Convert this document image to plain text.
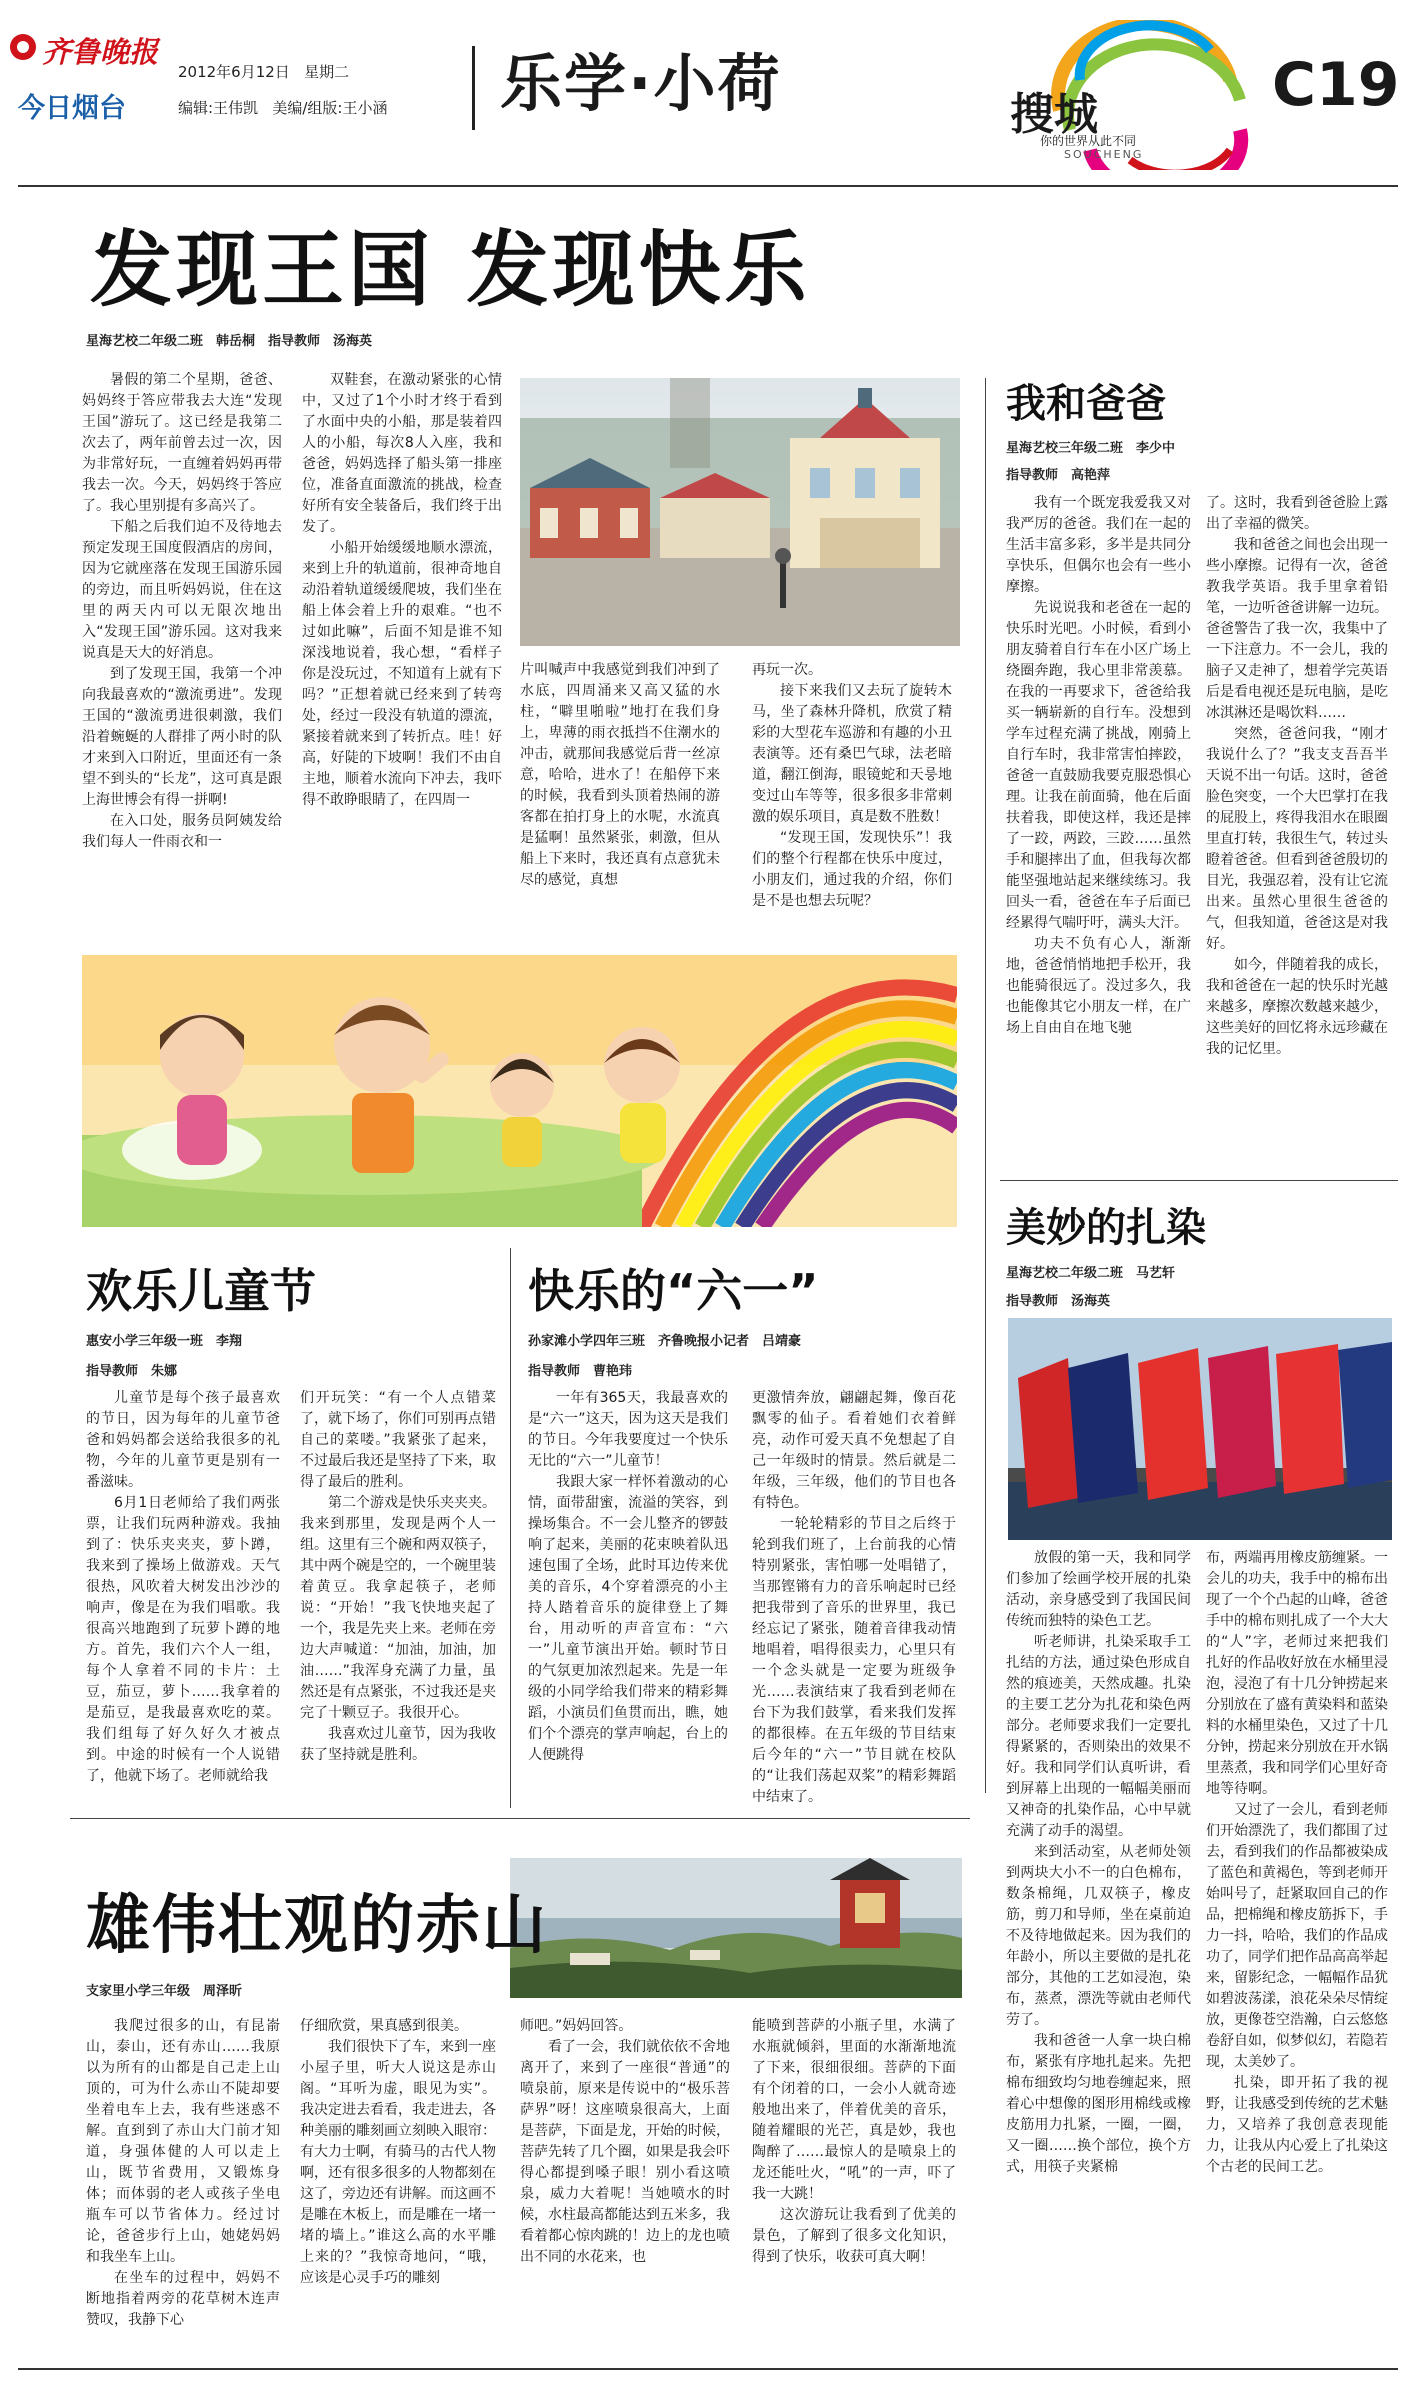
齐鲁晚报
今日烟台
2012年6月12日 星期二
编辑:王伟凯 美编/组版:王小涵 乐学·小荷	搜城
你的世界从此不同
SOUCHENG
C19
发现王国 发现快乐
星海艺校二年级二班　韩岳桐　指导教师　汤海英

暑假的第二个星期，爸爸、妈妈终于答应带我去大连“发现王国”游玩了。这已经是我第二次去了，两年前曾去过一次，因为非常好玩，一直缠着妈妈再带我去一次。今天，妈妈终于答应了。我心里别提有多高兴了。

下船之后我们迫不及待地去预定发现王国度假酒店的房间，因为它就座落在发现王国游乐园的旁边，而且听妈妈说，住在这里的两天内可以无限次地出入“发现王国”游乐园。这对我来说真是天大的好消息。

到了发现王国，我第一个冲向我最喜欢的“激流勇进”。发现王国的“激流勇进很刺激，我们沿着蜿蜒的人群排了两小时的队才来到入口附近，里面还有一条望不到头的“长龙”，这可真是跟上海世博会有得一拼啊!

在入口处，服务员阿姨发给我们每人一件雨衣和一

双鞋套，在激动紧张的心情中，又过了1个小时才终于看到了水面中央的小船，那是装着四人的小船，每次8人入座，我和爸爸，妈妈选择了船头第一排座位，准备直面激流的挑战，检查好所有安全装备后，我们终于出发了。

小船开始缓缓地顺水漂流，来到上升的轨道前，很神奇地自动沿着轨道缓缓爬坡，我们坐在船上体会着上升的艰难。“也不过如此嘛”，后面不知是谁不知深浅地说着，我心想，“看样子你是没玩过，不知道有上就有下吗？”正想着就已经来到了转弯处，经过一段没有轨道的漂流，紧接着就来到了转折点。哇！好高，好陡的下坡啊！我们不由自主地，顺着水流向下冲去，我吓得不敢睁眼睛了，在四周一

片叫喊声中我感觉到我们冲到了水底，四周涌来又高又猛的水柱，“噼里啪啦”地打在我们身上，卑薄的雨衣抵挡不住潮水的冲击，就那间我感觉后背一丝凉意，哈哈，进水了！在船停下来的时候，我看到头顶着热闹的游客都在拍打身上的水呢，水流真是猛啊！虽然紧张，刺激，但从船上下来时，我还真有点意犹未尽的感觉，真想

再玩一次。

接下来我们又去玩了旋转木马，坐了森林升降机，欣赏了精彩的大型花车巡游和有趣的小丑表演等。还有桑巴气球，法老暗道，翻江倒海，眼镜蛇和天룽地变过山车等等，很多很多非常刺激的娱乐项目，真是数不胜数！

“发现王国，发现快乐”！我们的整个行程都在快乐中度过，小朋友们，通过我的介绍，你们是不是也想去玩呢？

我和爸爸
星海艺校三年级二班　李少中
指导教师　高艳萍

我有一个既宠我爱我又对我严厉的爸爸。我们在一起的生活丰富多彩，多半是共同分享快乐，但偶尔也会有一些小摩擦。

先说说我和老爸在一起的快乐时光吧。小时候，看到小朋友骑着自行车在小区广场上绕圈奔跑，我心里非常羡慕。在我的一再要求下，爸爸给我买一辆崭新的自行车。没想到学车过程充满了挑战，刚骑上自行车时，我非常害怕摔跤，爸爸一直鼓励我要克服恐惧心理。让我在前面骑，他在后面扶着我，即使这样，我还是摔了一跤，两跤，三跤……虽然手和腿摔出了血，但我每次都能坚强地站起来继续练习。我回头一看，爸爸在车子后面已经累得气喘吁吁，满头大汗。

功夫不负有心人，渐渐地，爸爸悄悄地把手松开，我也能骑很远了。没过多久，我也能像其它小朋友一样，在广场上自由自在地飞驰

了。这时，我看到爸爸脸上露出了幸福的微笑。

我和爸爸之间也会出现一些小摩擦。记得有一次，爸爸教我学英语。我手里拿着铅笔，一边听爸爸讲解一边玩。爸爸警告了我一次，我集中了一下注意力。不一会儿，我的脑子又走神了，想着学完英语后是看电视还是玩电脑，是吃冰淇淋还是喝饮料……

突然，爸爸问我，“刚才我说什么了？”我支支吾吾半天说不出一句话。这时，爸爸脸色突变，一个大巴掌打在我的屁股上，疼得我泪水在眼圈里直打转，我很生气，转过头瞪着爸爸。但看到爸爸殷切的目光，我强忍着，没有让它流出来。虽然心里很生爸爸的气，但我知道，爸爸这是对我好。

如今，伴随着我的成长，我和爸爸在一起的快乐时光越来越多，摩擦次数越来越少，这些美好的回忆将永远珍藏在我的记忆里。

美妙的扎染
星海艺校二年级二班　马艺轩
指导教师　汤海英

放假的第一天，我和同学们参加了绘画学校开展的扎染活动，亲身感受到了我国民间传统而独特的染色工艺。

听老师讲，扎染采取手工扎结的方法，通过染色形成自然的痕迹美，天然成趣。扎染的主要工艺分为扎花和染色两部分。老师要求我们一定要扎得紧紧的，否则染出的效果不好。我和同学们认真听讲，看到屏幕上出现的一幅幅美丽而又神奇的扎染作品，心中早就充满了动手的渴望。

来到活动室，从老师处领到两块大小不一的白色棉布，数条棉绳，几双筷子，橡皮筋，剪刀和导师，坐在桌前迫不及待地做起来。因为我们的年龄小，所以主要做的是扎花部分，其他的工艺如浸泡，染布，蒸煮，漂洗等就由老师代劳了。

我和爸爸一人拿一块白棉布，紧张有序地扎起来。先把棉布细致均匀地卷缠起来，照着心中想像的图形用棉线或橡皮筋用力扎紧，一圈，一圈，又一圈……换个部位，换个方式，用筷子夹紧棉

布，两端再用橡皮筋缠紧。一会儿的功夫，我手中的棉布出现了一个个凸起的山峰，爸爸手中的棉布则扎成了一个大大的“人”字，老师过来把我们扎好的作品收好放在水桶里浸泡，浸泡了有十几分钟捞起来分别放在了盛有黄染料和蓝染料的水桶里染色，又过了十几分钟，捞起来分别放在开水锅里蒸煮，我和同学们心里好奇地等待啊。

又过了一会儿，看到老师们开始漂洗了，我们都围了过去，看到我们的作品都被染成了蓝色和黄褐色，等到老师开始叫号了，赶紧取回自己的作品，把棉绳和橡皮筋拆下，手力一抖，哈哈，我们的作品成功了，同学们把作品高高举起来，留影纪念，一幅幅作品犹如碧波荡漾，浪花朵朵尽情绽放，更像苍空浩瀚，白云悠悠卷舒自如，似梦似幻，若隐若现，太美妙了。

扎染，即开拓了我的视野，让我感受到传统的艺术魅力，又培养了我创意表现能力，让我从内心爱上了扎染这个古老的民间工艺。

欢乐儿童节
惠安小学三年级一班　李翔
指导教师　朱娜

儿童节是每个孩子最喜欢的节日，因为每年的儿童节爸爸和妈妈都会送给我很多的礼物，今年的儿童节更是别有一番滋味。

6月1日老师给了我们两张票，让我们玩两种游戏。我抽到了：快乐夹夹夹，萝卜蹲，我来到了操场上做游戏。天气很热，风吹着大树发出沙沙的响声，像是在为我们唱歌。我很高兴地跑到了玩萝卜蹲的地方。首先，我们六个人一组，每个人拿着不同的卡片：土豆，茄豆，萝卜……我拿着的是茄豆，是我最喜欢吃的菜。我们组每了好久好久才被点到。中途的时候有一个人说错了，他就下场了。老师就给我

们开玩笑：“有一个人点错菜了，就下场了，你们可别再点错自己的菜喽。”我紧张了起来，不过最后我还是坚持了下来，取得了最后的胜利。

第二个游戏是快乐夹夹夹。我来到那里，发现是两个人一组。这里有三个碗和两双筷子，其中两个碗是空的，一个碗里装着黄豆。我拿起筷子，老师说：“开始！”我飞快地夹起了一个，我是先夹上来。老师在旁边大声喊道：“加油，加油，加油……”我浑身充满了力量，虽然还是有点紧张，不过我还是夹完了十颗豆子。我很开心。

我喜欢过儿童节，因为我收获了坚持就是胜利。

快乐的“六一”
孙家滩小学四年三班　齐鲁晚报小记者　吕靖豪
指导教师　曹艳玮

一年有365天，我最喜欢的是“六一”这天，因为这天是我们的节日。今年我要度过一个快乐无比的“六一”儿童节！

我跟大家一样怀着激动的心情，面带甜蜜，流溢的笑容，到操场集合。不一会儿整齐的锣鼓响了起来，美丽的花束映着队迅速包围了全场，此时耳边传来优美的音乐，4个穿着漂亮的小主持人踏着音乐的旋律登上了舞台，用动听的声音宣布：“六一”儿童节演出开始。顿时节日的气氛更加浓烈起来。先是一年级的小同学给我们带来的精彩舞蹈，小演员们鱼贯而出，瞧，她们个个漂亮的掌声响起，台上的人便跳得

更激情奔放，翩翩起舞，像百花飘零的仙子。看着她们衣着鲜亮，动作可爱天真不免想起了自己一年级时的情景。然后就是二年级，三年级，他们的节目也各有特色。

一轮轮精彩的节目之后终于轮到我们班了，上台前我的心情特别紧张，害怕哪一处唱错了，当那铿锵有力的音乐响起时已经把我带到了音乐的世界里，我已经忘记了紧张，随着音律我动情地唱着，唱得很卖力，心里只有一个念头就是一定要为班级争光……表演结束了我看到老师在台下为我们鼓掌，看来我们发挥的都很棒。在五年级的节目结束后今年的“六一”节目就在校队的“让我们荡起双桨”的精彩舞蹈中结束了。

雄伟壮观的赤山
支家里小学三年级　周泽昕

我爬过很多的山，有昆嵛山，泰山，还有赤山……我原以为所有的山都是自己走上山顶的，可为什么赤山不陡却要坐着电车上去，我有些迷惑不解。直到到了赤山大门前才知道，身强体健的人可以走上山，既节省费用，又锻炼身体；而体弱的老人或孩子坐电瓶车可以节省体力。经过讨论，爸爸步行上山，她姥妈妈和我坐车上山。

在坐车的过程中，妈妈不断地指着两旁的花草树木连声赞叹，我静下心

仔细欣赏，果真感到很美。

我们很快下了车，来到一座小屋子里，听大人说这是赤山阁。“耳听为虚，眼见为实”。我决定进去看看，我走进去，各种美丽的雕刻画立刻映入眼帘：有大力士啊，有骑马的古代人物啊，还有很多很多的人物都刻在这了，旁边还有讲解。而这画不是雕在木板上，而是雕在一堵一堵的墙上。”谁这么高的水平雕上来的？”我惊奇地问，“哦，应该是心灵手巧的雕刻

师吧。”妈妈回答。

看了一会，我们就依依不舍地离开了，来到了一座很“普通”的喷泉前，原来是传说中的“极乐菩萨界”呀！这座喷泉很高大，上面是菩萨，下面是龙，开始的时候，菩萨先转了几个圈，如果是我会吓得心都提到嗓子眼！别小看这喷泉，威力大着呢！当她喷水的时候，水柱最高都能达到五米多，我看着都心惊肉跳的！边上的龙也喷出不同的水花来，也

能喷到菩萨的小瓶子里，水满了水瓶就倾斜，里面的水渐渐地流了下来，很细很细。菩萨的下面有个闭着的口，一会小人就奇迹般地出来了，伴着优美的音乐，随着耀眼的光芒，真是妙，我也陶醉了……最惊人的是喷泉上的龙还能吐火，“吼”的一声，吓了我一大跳！

这次游玩让我看到了优美的景色，了解到了很多文化知识，得到了快乐，收获可真大啊！
